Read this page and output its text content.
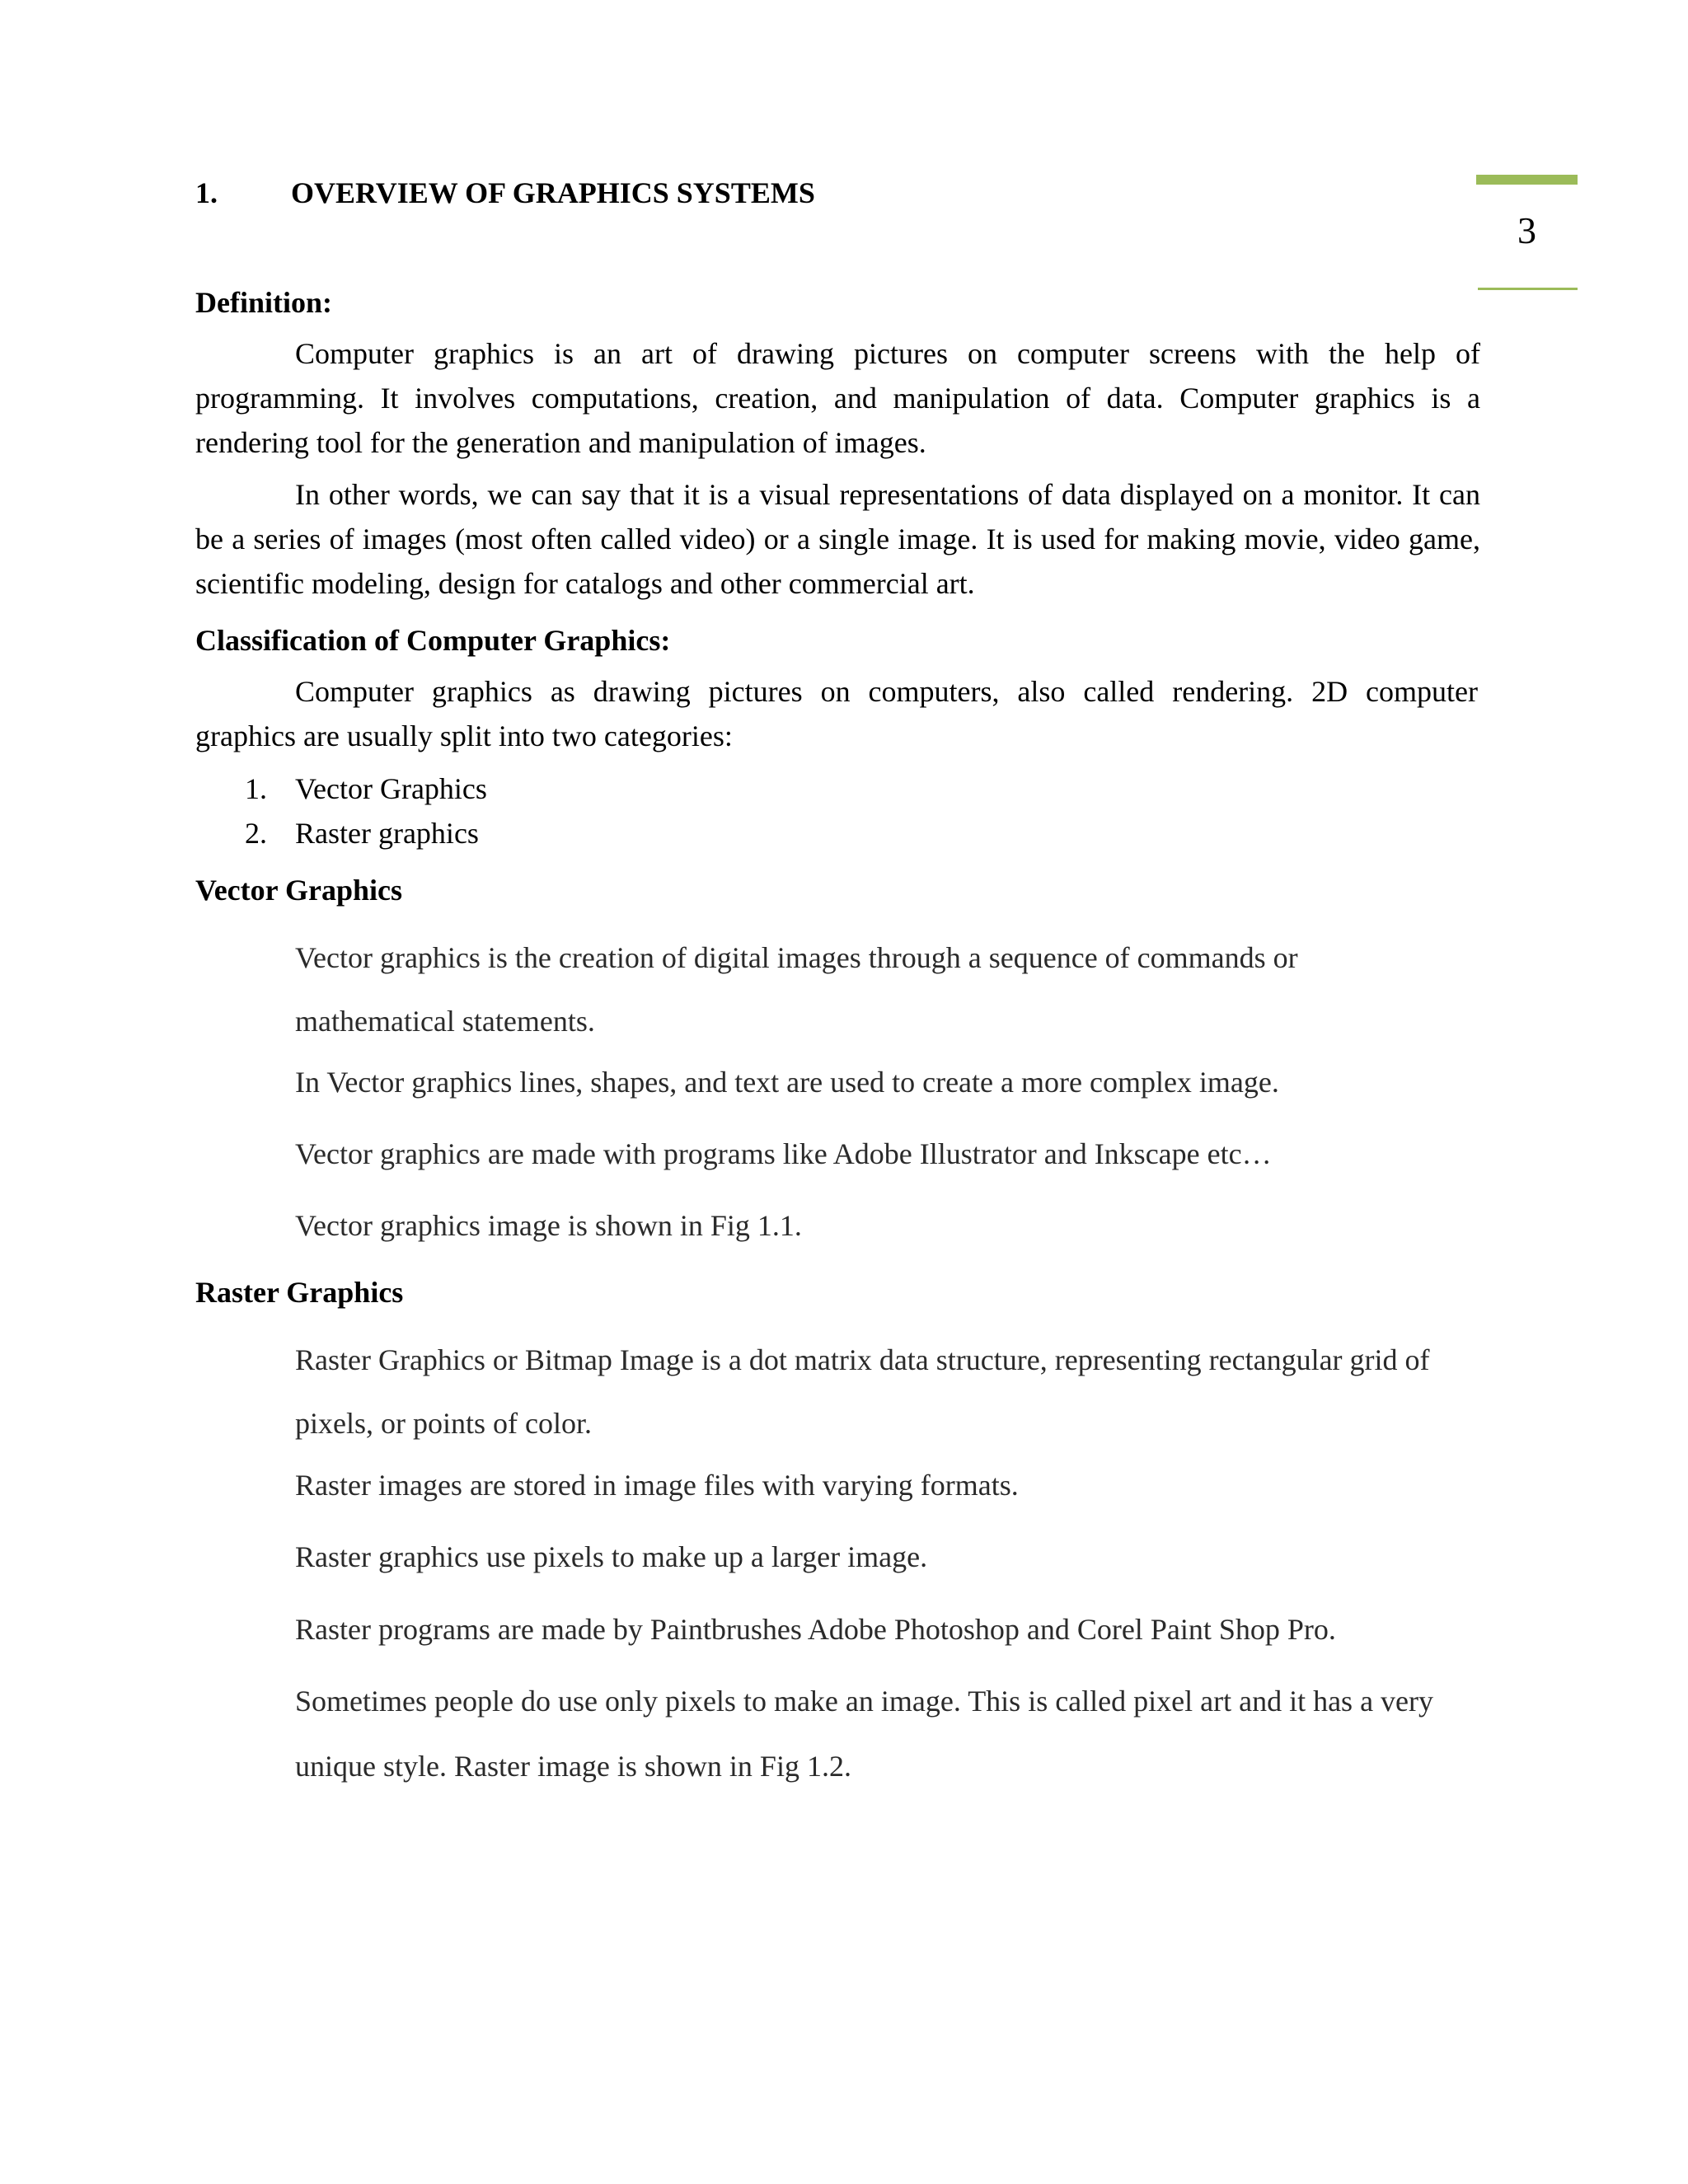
3
1. OVERVIEW OF GRAPHICS SYSTEMS
Definition:
Computer graphics is an art of drawing pictures on computer screens with the help of
programming. It involves computations, creation, and manipulation of data. Computer graphics is a
rendering tool for the generation and manipulation of images.
In other words, we can say that it is a visual representations of data displayed on a monitor. It can
be a series of images (most often called video) or a single image. It is used for making movie, video game,
scientific modeling, design for catalogs and other commercial art.
Classification of Computer Graphics:
Computer graphics as drawing pictures on computers, also called rendering. 2D computer
graphics are usually split into two categories:
1. Vector Graphics
2. Raster graphics
Vector Graphics
Vector graphics is the creation of digital images through a sequence of commands or
mathematical statements.
In Vector graphics lines, shapes, and text are used to create a more complex image.
Vector graphics are made with programs like Adobe Illustrator and Inkscape etc…
Vector graphics image is shown in Fig 1.1.
Raster Graphics
Raster Graphics or Bitmap Image is a dot matrix data structure, representing rectangular grid of
pixels, or points of color.
Raster images are stored in image files with varying formats.
Raster graphics use pixels to make up a larger image.
Raster programs are made by Paintbrushes Adobe Photoshop and Corel Paint Shop Pro.
Sometimes people do use only pixels to make an image. This is called pixel art and it has a very
unique style. Raster image is shown in Fig 1.2.
